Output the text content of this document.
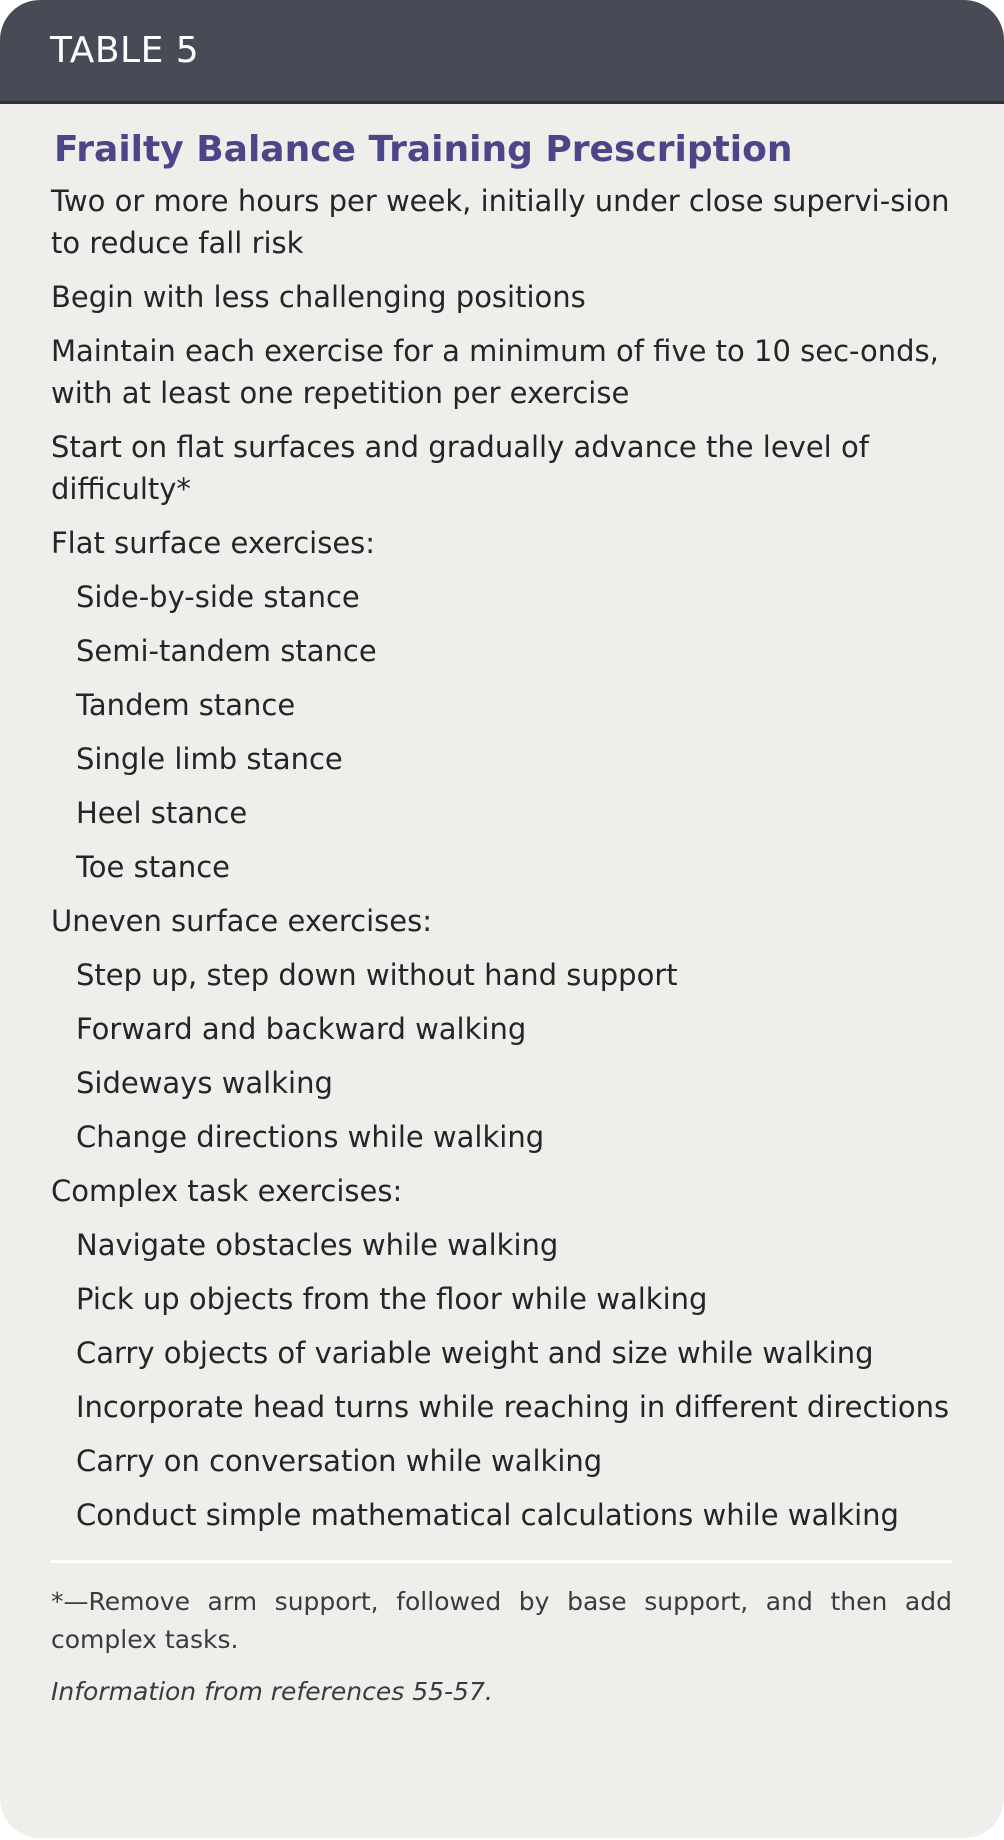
TABLE 5
Frailty Balance Training Prescription
Two or more hours per week, initially under close supervi-sion to reduce fall risk
Begin with less challenging positions
Maintain each exercise for a minimum of five to 10 sec-onds, with at least one repetition per exercise
Start on flat surfaces and gradually advance the level of difficulty*
Flat surface exercises:
Side-by-side stance
Semi-tandem stance
Tandem stance
Single limb stance
Heel stance
Toe stance
Uneven surface exercises:
Step up, step down without hand support
Forward and backward walking
Sideways walking
Change directions while walking
Complex task exercises:
Navigate obstacles while walking
Pick up objects from the floor while walking
Carry objects of variable weight and size while walking
Incorporate head turns while reaching in different directions
Carry on conversation while walking
Conduct simple mathematical calculations while walking

*—Remove arm support, followed by base support, and then add complex tasks.

Information from references 55-57.
